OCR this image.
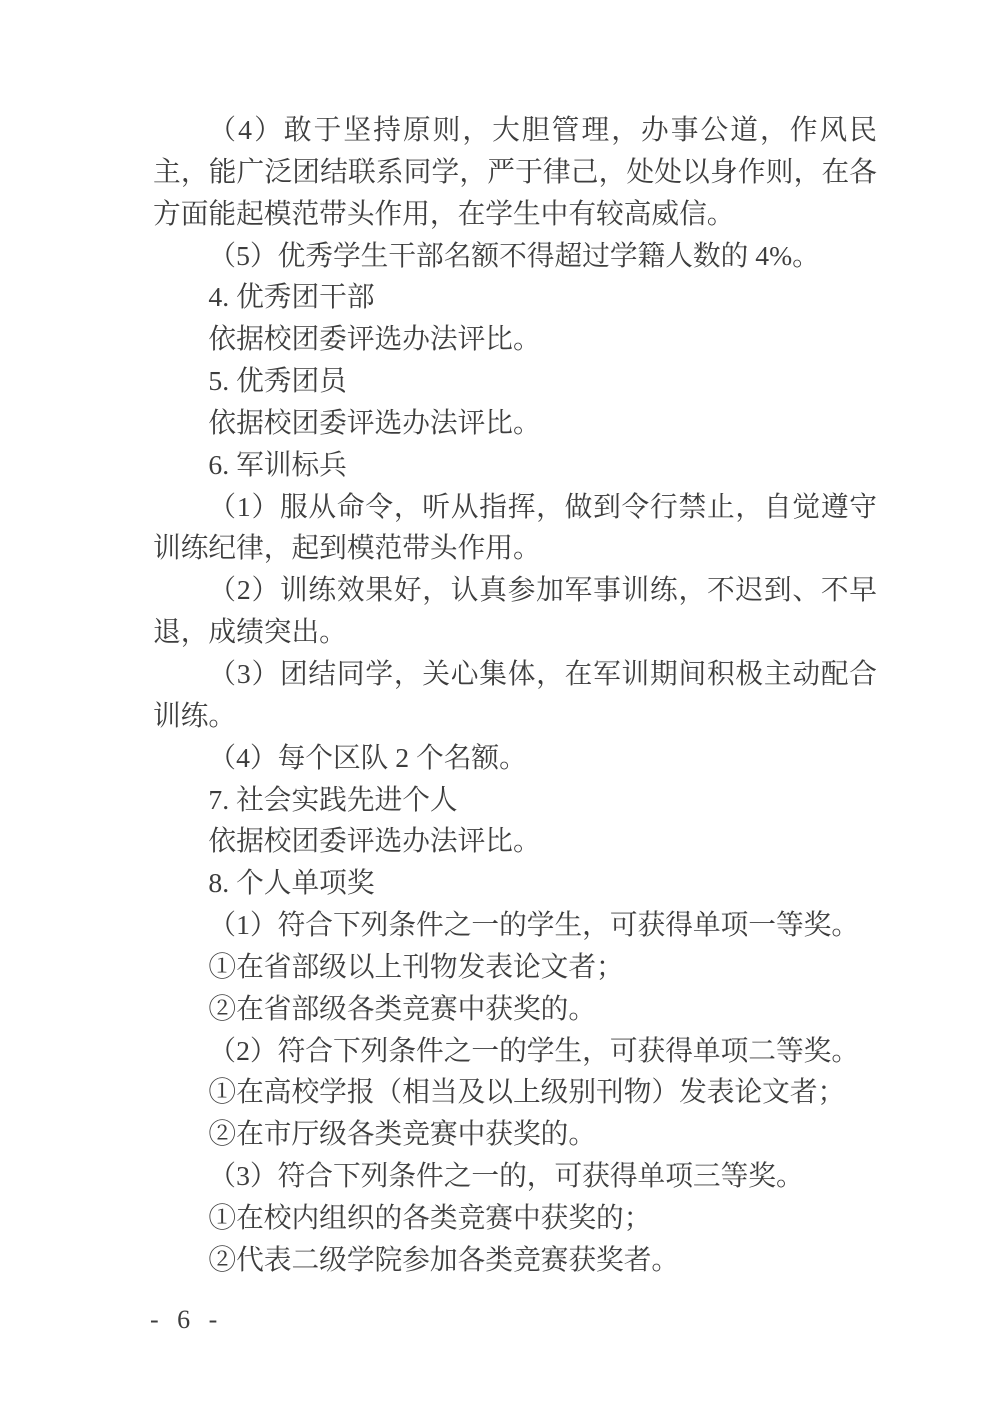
（4）敢于坚持原则，大胆管理，办事公道，作风民主，能广泛团结联系同学，严于律己，处处以身作则，在各方面能起模范带头作用，在学生中有较高威信。

（5）优秀学生干部名额不得超过学籍人数的 4%。

4. 优秀团干部

依据校团委评选办法评比。

5. 优秀团员

依据校团委评选办法评比。

6. 军训标兵

（1）服从命令，听从指挥，做到令行禁止，自觉遵守训练纪律，起到模范带头作用。

（2）训练效果好，认真参加军事训练，不迟到、不早退，成绩突出。

（3）团结同学，关心集体，在军训期间积极主动配合训练。

（4）每个区队 2 个名额。

7. 社会实践先进个人

依据校团委评选办法评比。

8. 个人单项奖

（1）符合下列条件之一的学生，可获得单项一等奖。

①在省部级以上刊物发表论文者；

②在省部级各类竞赛中获奖的。

（2）符合下列条件之一的学生，可获得单项二等奖。

①在高校学报（相当及以上级别刊物）发表论文者；

②在市厅级各类竞赛中获奖的。

（3）符合下列条件之一的，可获得单项三等奖。

①在校内组织的各类竞赛中获奖的；

②代表二级学院参加各类竞赛获奖者。

- 6 -
